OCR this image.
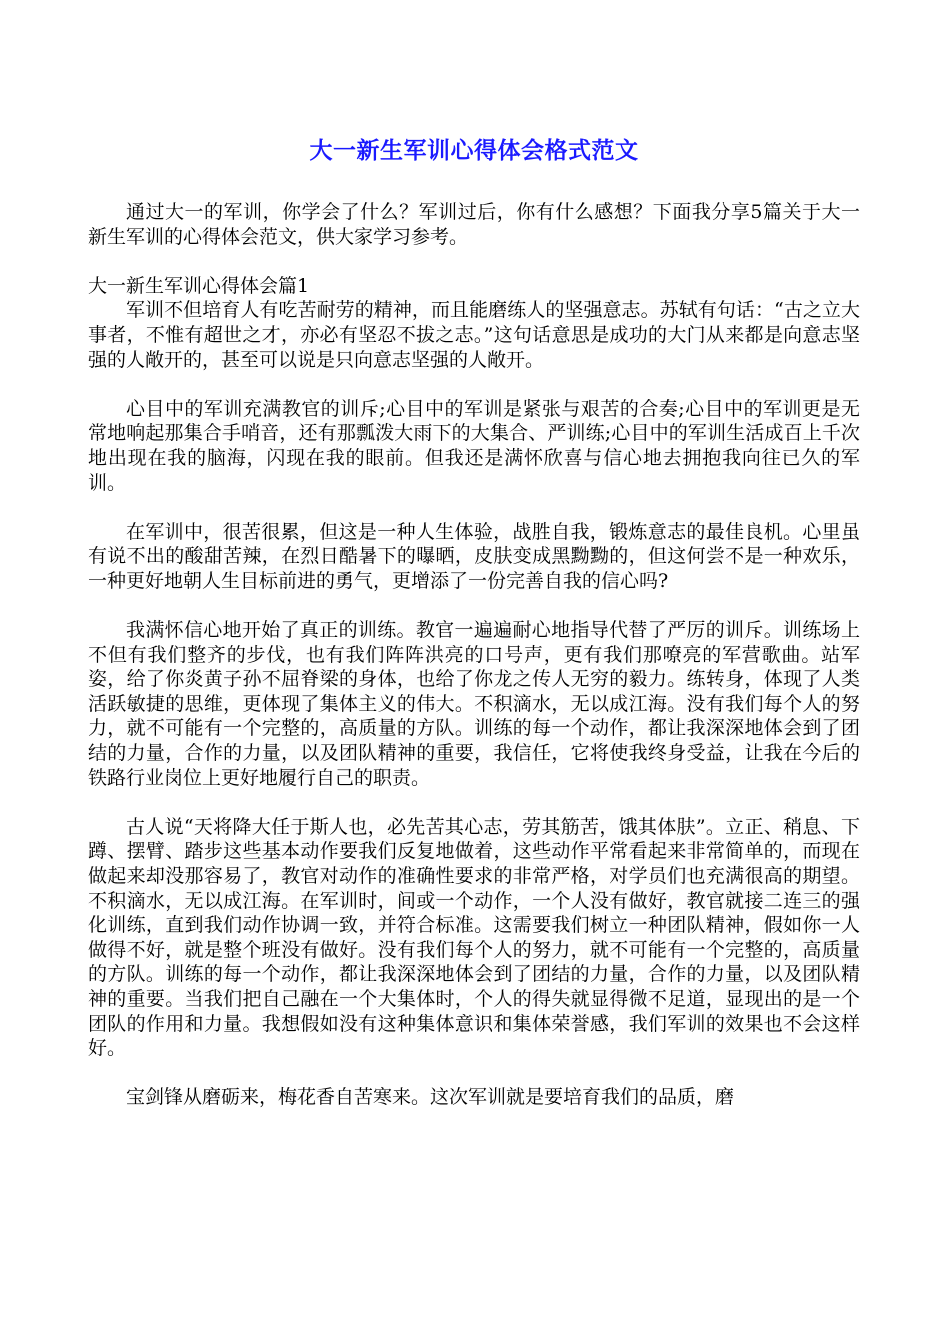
大一新生军训心得体会格式范文

通过大一的军训，你学会了什么？军训过后，你有什么感想？下面我分享5篇关于大一新生军训的心得体会范文，供大家学习参考。

大一新生军训心得体会篇1

军训不但培育人有吃苦耐劳的精神，而且能磨练人的坚强意志。苏轼有句话：“古之立大事者，不惟有超世之才，亦必有坚忍不拔之志。”这句话意思是成功的大门从来都是向意志坚强的人敞开的，甚至可以说是只向意志坚强的人敞开。

心目中的军训充满教官的训斥;心目中的军训是紧张与艰苦的合奏;心目中的军训更是无常地响起那集合手哨音，还有那瓢泼大雨下的大集合、严训练;心目中的军训生活成百上千次地出现在我的脑海，闪现在我的眼前。但我还是满怀欣喜与信心地去拥抱我向往已久的军训。

在军训中，很苦很累，但这是一种人生体验，战胜自我，锻炼意志的最佳良机。心里虽有说不出的酸甜苦辣，在烈日酷暑下的曝晒，皮肤变成黑黝黝的，但这何尝不是一种欢乐，一种更好地朝人生目标前进的勇气，更增添了一份完善自我的信心吗?

我满怀信心地开始了真正的训练。教官一遍遍耐心地指导代替了严厉的训斥。训练场上不但有我们整齐的步伐，也有我们阵阵洪亮的口号声，更有我们那嘹亮的军营歌曲。站军姿，给了你炎黄子孙不屈脊梁的身体，也给了你龙之传人无穷的毅力。练转身，体现了人类活跃敏捷的思维，更体现了集体主义的伟大。不积滴水，无以成江海。没有我们每个人的努力，就不可能有一个完整的，高质量的方队。训练的每一个动作，都让我深深地体会到了团结的力量，合作的力量，以及团队精神的重要，我信任，它将使我终身受益，让我在今后的铁路行业岗位上更好地履行自己的职责。

古人说“天将降大任于斯人也，必先苦其心志，劳其筋苦，饿其体肤”。立正、稍息、下蹲、摆臂、踏步这些基本动作要我们反复地做着，这些动作平常看起来非常简单的，而现在做起来却没那容易了，教官对动作的准确性要求的非常严格，对学员们也充满很高的期望。不积滴水，无以成江海。在军训时，间或一个动作，一个人没有做好，教官就接二连三的强化训练，直到我们动作协调一致，并符合标准。这需要我们树立一种团队精神，假如你一人做得不好，就是整个班没有做好。没有我们每个人的努力，就不可能有一个完整的，高质量的方队。训练的每一个动作，都让我深深地体会到了团结的力量，合作的力量，以及团队精神的重要。当我们把自己融在一个大集体时，个人的得失就显得微不足道，显现出的是一个团队的作用和力量。我想假如没有这种集体意识和集体荣誉感，我们军训的效果也不会这样好。

宝剑锋从磨砺来，梅花香自苦寒来。这次军训就是要培育我们的品质，磨
